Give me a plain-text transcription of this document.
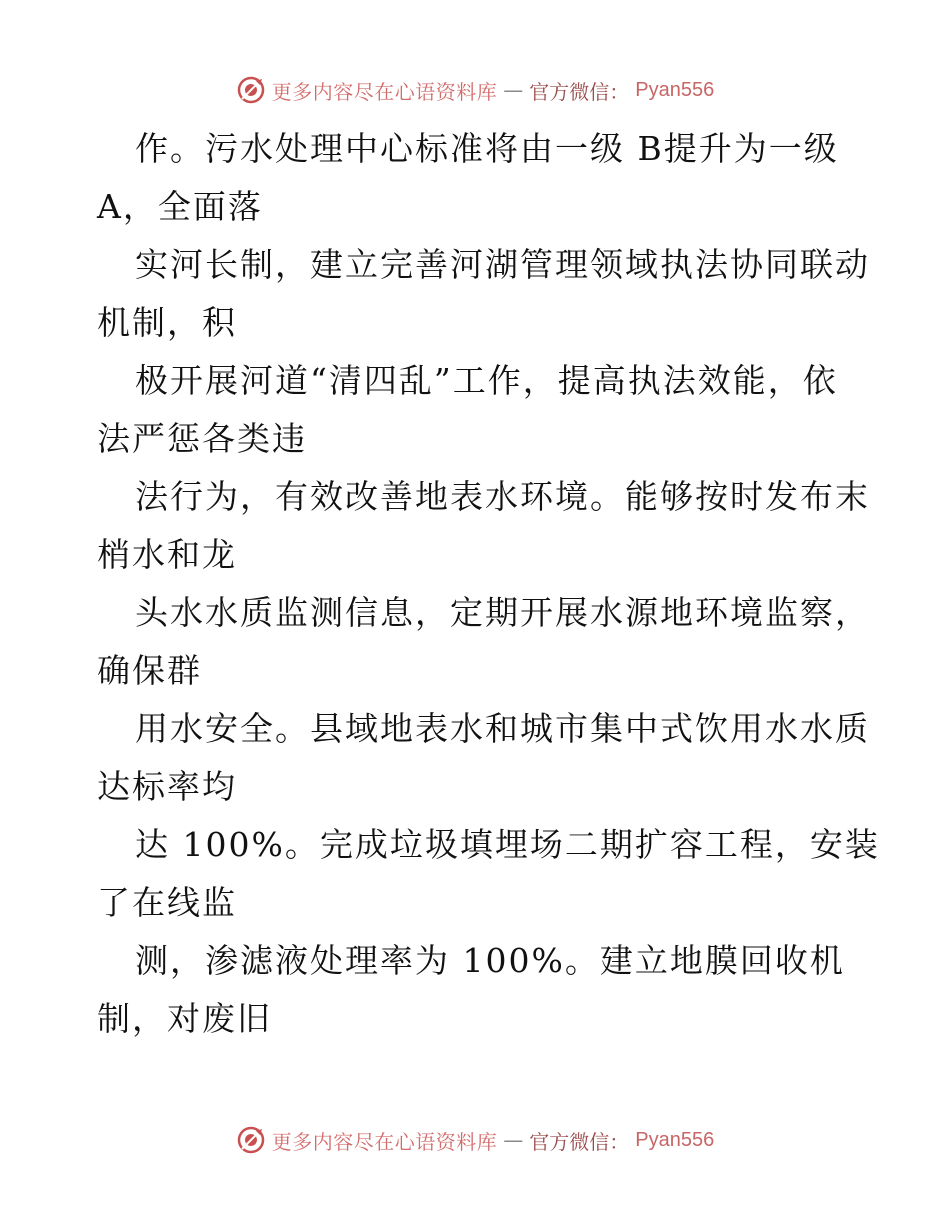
更多内容尽在心语资料库 — 官方微信： Pyan556
作。污水处理中心标准将由一级 B提升为一级
A，全面落
实河长制，建立完善河湖管理领域执法协同联动
机制，积
极开展河道“清四乱”工作，提高执法效能，依
法严惩各类违
法行为，有效改善地表水环境。能够按时发布末
梢水和龙
头水水质监测信息，定期开展水源地环境监察，
确保群
用水安全。县域地表水和城市集中式饮用水水质
达标率均
达 100%。完成垃圾填埋场二期扩容工程，安装
了在线监
测，渗滤液处理率为 100%。建立地膜回收机
制，对废旧
更多内容尽在心语资料库 — 官方微信： Pyan556
